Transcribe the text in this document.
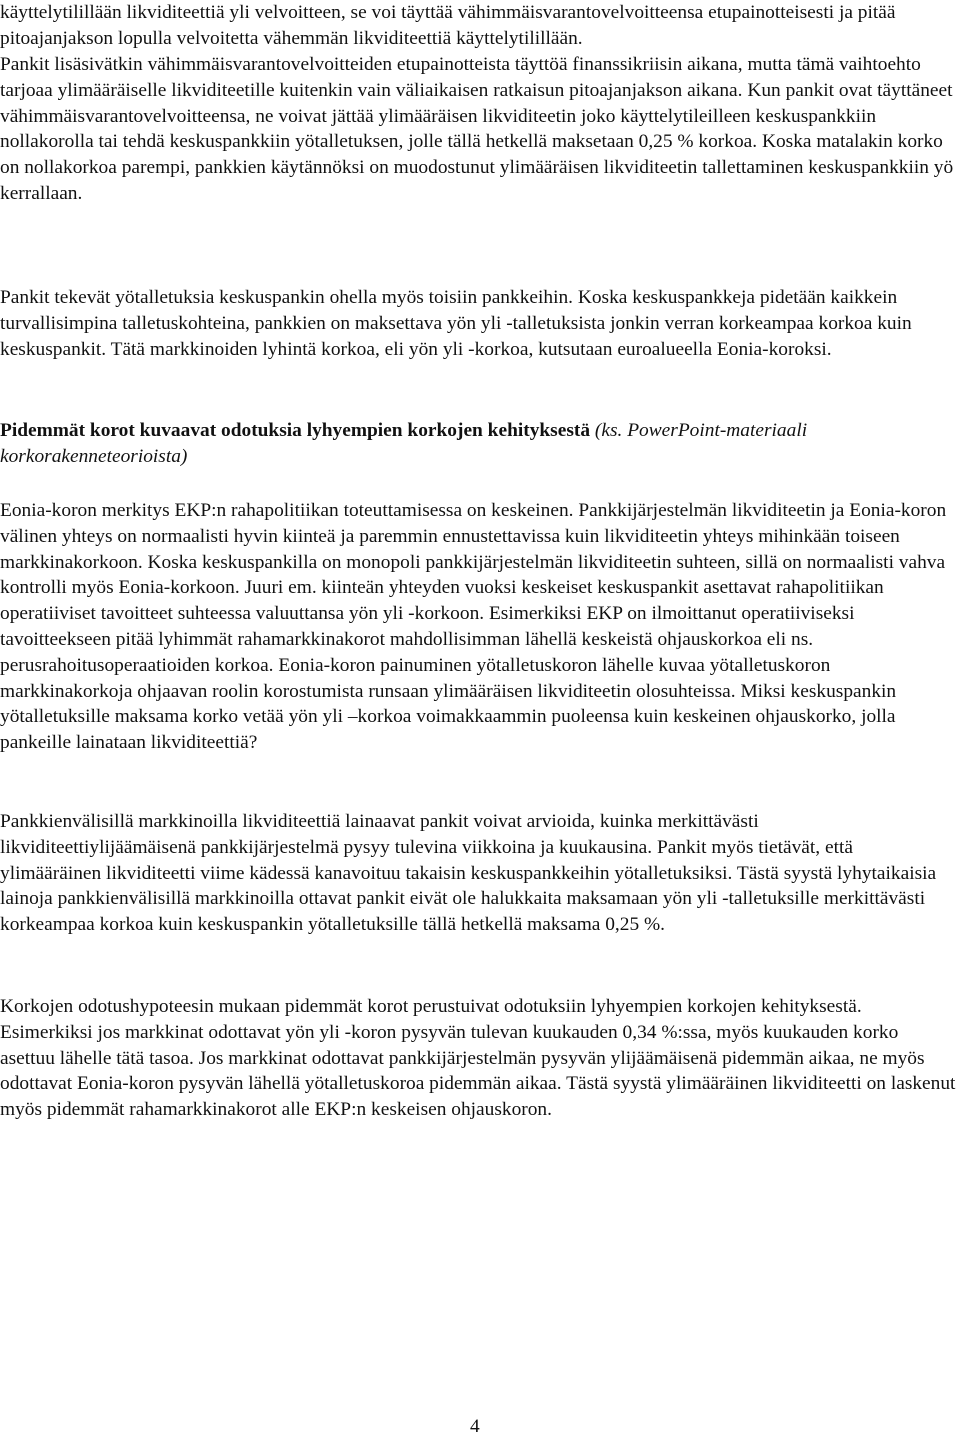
käyttelytilillään likviditeettiä yli velvoitteen, se voi täyttää vähimmäisvarantovelvoitteensa etupainotteisesti ja pitää pitoajanjakson lopulla velvoitetta vähemmän likviditeettiä käyttelytilillään.

Pankit lisäsivätkin vähimmäisvarantovelvoitteiden etupainotteista täyttöä finanssikriisin aikana, mutta tämä vaihtoehto tarjoaa ylimääräiselle likviditeetille kuitenkin vain väliaikaisen ratkaisun pitoajanjakson aikana. Kun pankit ovat täyttäneet vähimmäisvarantovelvoitteensa, ne voivat jättää ylimääräisen likviditeetin joko käyttelytileilleen keskuspankkiin nollakorolla tai tehdä keskuspankkiin yötalletuksen, jolle tällä hetkellä maksetaan 0,25 % korkoa. Koska matalakin korko on nollakorkoa parempi, pankkien käytännöksi on muodostunut ylimääräisen likviditeetin tallettaminen keskuspankkiin yö kerrallaan.

Pankit tekevät yötalletuksia keskuspankin ohella myös toisiin pankkeihin. Koska keskuspankkeja pidetään kaikkein turvallisimpina talletuskohteina, pankkien on maksettava yön yli -talletuksista jonkin verran korkeampaa korkoa kuin keskuspankit. Tätä markkinoiden lyhintä korkoa, eli yön yli -korkoa, kutsutaan euroalueella Eonia-koroksi.

Pidemmät korot kuvaavat odotuksia lyhyempien korkojen kehityksestä (ks. PowerPoint-materiaali korkorakenneteorioista)

Eonia-koron merkitys EKP:n rahapolitiikan toteuttamisessa on keskeinen. Pankkijärjestelmän likviditeetin ja Eonia-koron välinen yhteys on normaalisti hyvin kiinteä ja paremmin ennustettavissa kuin likviditeetin yhteys mihinkään toiseen markkinakorkoon. Koska keskuspankilla on monopoli pankkijärjestelmän likviditeetin suhteen, sillä on normaalisti vahva kontrolli myös Eonia-korkoon. Juuri em. kiinteän yhteyden vuoksi keskeiset keskuspankit asettavat rahapolitiikan operatiiviset tavoitteet suhteessa valuuttansa yön yli -korkoon. Esimerkiksi EKP on ilmoittanut operatiiviseksi tavoitteekseen pitää lyhimmät rahamarkkinakorot mahdollisimman lähellä keskeistä ohjauskorkoa eli ns. perusrahoitusoperaatioiden korkoa. Eonia-koron painuminen yötalletuskoron lähelle kuvaa yötalletuskoron markkinakorkoja ohjaavan roolin korostumista runsaan ylimääräisen likviditeetin olosuhteissa. Miksi keskuspankin yötalletuksille maksama korko vetää yön yli –korkoa voimakkaammin puoleensa kuin keskeinen ohjauskorko, jolla pankeille lainataan likviditeettiä?

Pankkienvälisillä markkinoilla likviditeettiä lainaavat pankit voivat arvioida, kuinka merkittävästi likviditeettiylijäämäisenä pankkijärjestelmä pysyy tulevina viikkoina ja kuukausina. Pankit myös tietävät, että ylimääräinen likviditeetti viime kädessä kanavoituu takaisin keskuspankkeihin yötalletuksiksi. Tästä syystä lyhytaikaisia lainoja pankkienvälisillä markkinoilla ottavat pankit eivät ole halukkaita maksamaan yön yli -talletuksille merkittävästi korkeampaa korkoa kuin keskuspankin yötalletuksille tällä hetkellä maksama 0,25 %.

Korkojen odotushypoteesin mukaan pidemmät korot perustuivat odotuksiin lyhyempien korkojen kehityksestä. Esimerkiksi jos markkinat odottavat yön yli -koron pysyvän tulevan kuukauden 0,34 %:ssa, myös kuukauden korko asettuu lähelle tätä tasoa. Jos markkinat odottavat pankkijärjestelmän pysyvän ylijäämäisenä pidemmän aikaa, ne myös odottavat Eonia-koron pysyvän lähellä yötalletuskoroa pidemmän aikaa. Tästä syystä ylimääräinen likviditeetti on laskenut myös pidemmät rahamarkkinakorot alle EKP:n keskeisen ohjauskoron.

4
